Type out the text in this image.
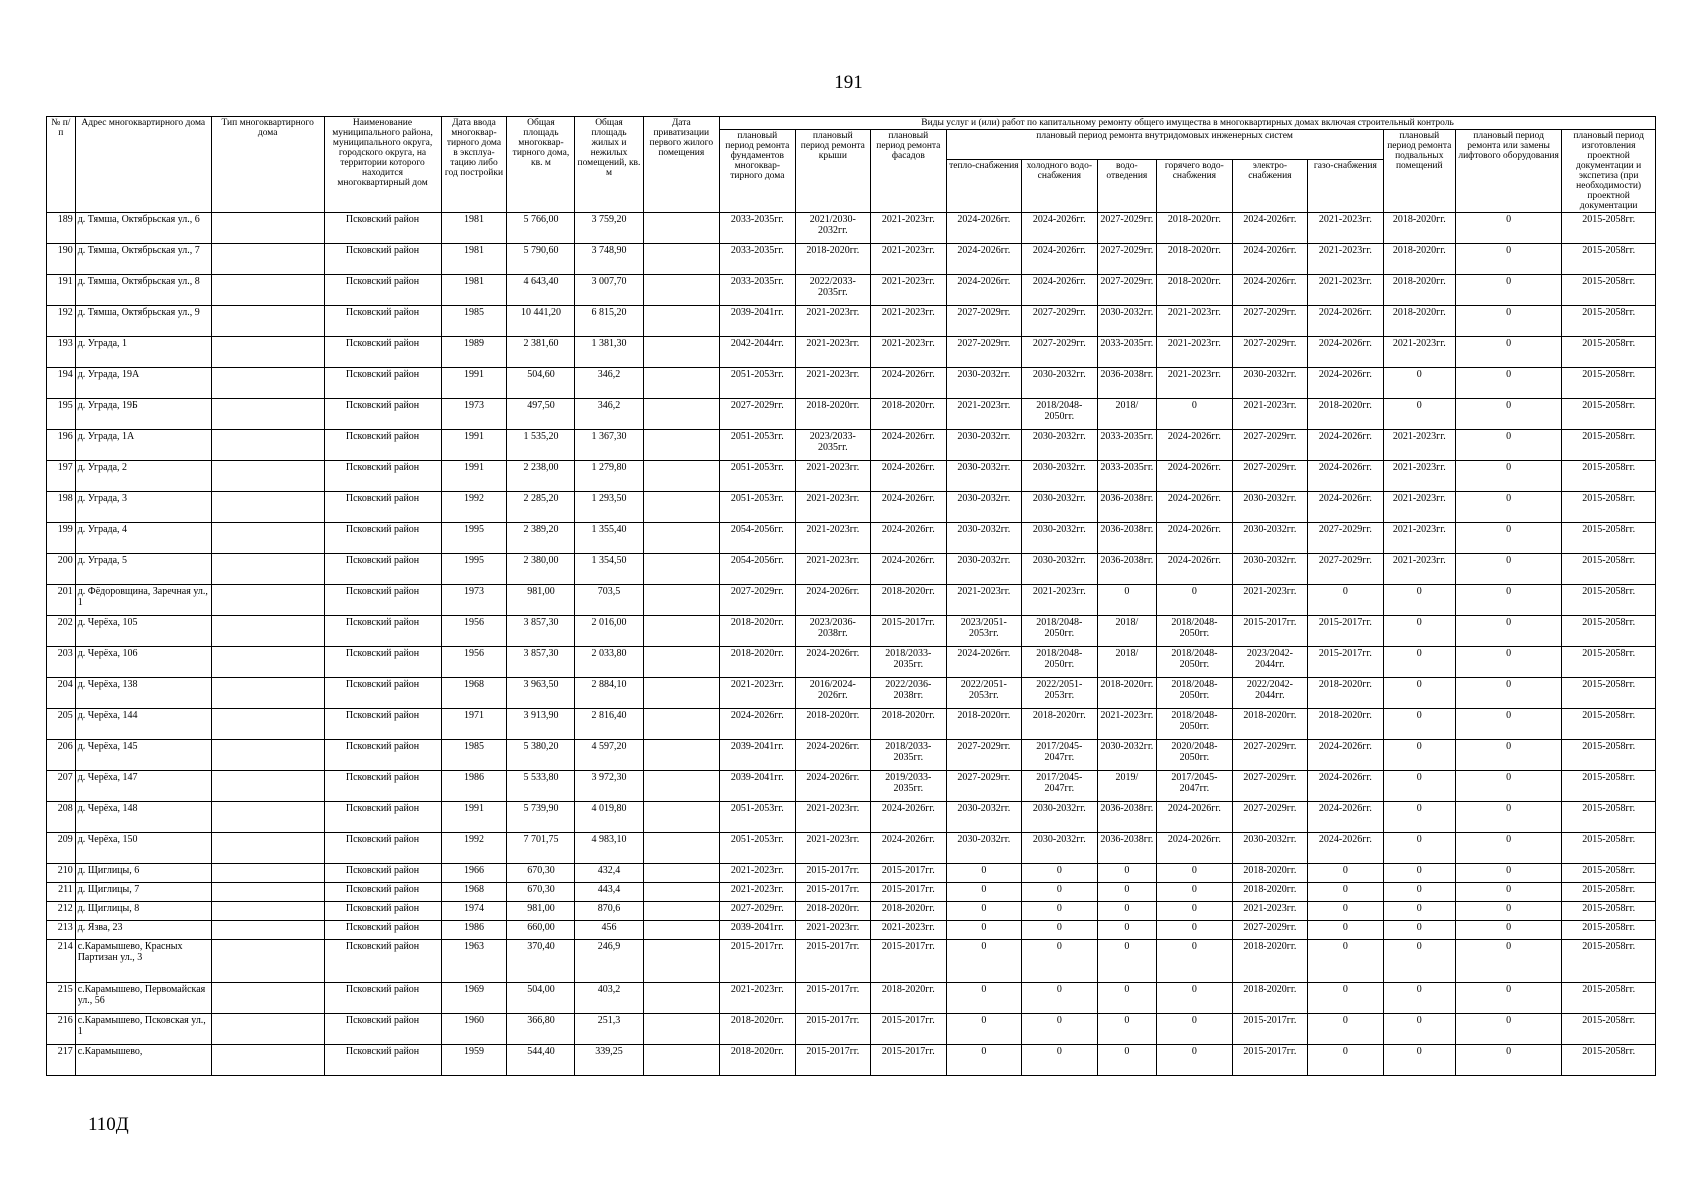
191
№ п/п	Адрес многоквартирного дома	Тип многоквартирного дома	Наименование муниципального района, муниципального округа, городского округа, на территории которого находится многоквартирный дом	Дата ввода многоквар-тирного дома в эксплуа-тацию либо год постройки	Общая площадь многоквар-тирного дома, кв. м	Общая площадь жилых и нежилых помещений, кв. м	Дата приватизации первого жилого помещения	Виды услуг и (или) работ по капитальному ремонту общего имущества в многоквартирных домах включая строительный контроль											
								плановый период ремонта фундаментов многоквар-тирного дома	плановый период ремонта крыши	плановый период ремонта фасадов	плановый период ремонта внутридомовых инженерных систем						плановый период ремонта подвальных помещений	плановый период ремонта или замены лифтового оборудования	плановый период изготовления проектной документации и экспетиза (при необходимости) проектной документации
											тепло-снабжения	холодного водо-снабжения	водо-отведения	горячего водо-снабжения	электро-снабжения	газо-снабжения			
189	д. Тямша, Октябрьская ул., 6		Псковский район	1981	5 766,00	3 759,20		2033-2035гг.	2021/2030-2032гг.	2021-2023гг.	2024-2026гг.	2024-2026гг.	2027-2029гг.	2018-2020гг.	2024-2026гг.	2021-2023гг.	2018-2020гг.	0	2015-2058гг.
190	д. Тямша, Октябрьская ул., 7		Псковский район	1981	5 790,60	3 748,90		2033-2035гг.	2018-2020гг.	2021-2023гг.	2024-2026гг.	2024-2026гг.	2027-2029гг.	2018-2020гг.	2024-2026гг.	2021-2023гг.	2018-2020гг.	0	2015-2058гг.
191	д. Тямша, Октябрьская ул., 8		Псковский район	1981	4 643,40	3 007,70		2033-2035гг.	2022/2033-2035гг.	2021-2023гг.	2024-2026гг.	2024-2026гг.	2027-2029гг.	2018-2020гг.	2024-2026гг.	2021-2023гг.	2018-2020гг.	0	2015-2058гг.
192	д. Тямша, Октябрьская ул., 9		Псковский район	1985	10 441,20	6 815,20		2039-2041гг.	2021-2023гг.	2021-2023гг.	2027-2029гг.	2027-2029гг.	2030-2032гг.	2021-2023гг.	2027-2029гг.	2024-2026гг.	2018-2020гг.	0	2015-2058гг.
193	д. Уграда, 1		Псковский район	1989	2 381,60	1 381,30		2042-2044гг.	2021-2023гг.	2021-2023гг.	2027-2029гг.	2027-2029гг.	2033-2035гг.	2021-2023гг.	2027-2029гг.	2024-2026гг.	2021-2023гг.	0	2015-2058гг.
194	д. Уграда, 19А		Псковский район	1991	504,60	346,2		2051-2053гг.	2021-2023гг.	2024-2026гг.	2030-2032гг.	2030-2032гг.	2036-2038гг.	2021-2023гг.	2030-2032гг.	2024-2026гг.	0	0	2015-2058гг.
195	д. Уграда, 19Б		Псковский район	1973	497,50	346,2		2027-2029гг.	2018-2020гг.	2018-2020гг.	2021-2023гг.	2018/2048-2050гг.	2018/	0	2021-2023гг.	2018-2020гг.	0	0	2015-2058гг.
196	д. Уграда, 1А		Псковский район	1991	1 535,20	1 367,30		2051-2053гг.	2023/2033-2035гг.	2024-2026гг.	2030-2032гг.	2030-2032гг.	2033-2035гг.	2024-2026гг.	2027-2029гг.	2024-2026гг.	2021-2023гг.	0	2015-2058гг.
197	д. Уграда, 2		Псковский район	1991	2 238,00	1 279,80		2051-2053гг.	2021-2023гг.	2024-2026гг.	2030-2032гг.	2030-2032гг.	2033-2035гг.	2024-2026гг.	2027-2029гг.	2024-2026гг.	2021-2023гг.	0	2015-2058гг.
198	д. Уграда, 3		Псковский район	1992	2 285,20	1 293,50		2051-2053гг.	2021-2023гг.	2024-2026гг.	2030-2032гг.	2030-2032гг.	2036-2038гг.	2024-2026гг.	2030-2032гг.	2024-2026гг.	2021-2023гг.	0	2015-2058гг.
199	д. Уграда, 4		Псковский район	1995	2 389,20	1 355,40		2054-2056гг.	2021-2023гг.	2024-2026гг.	2030-2032гг.	2030-2032гг.	2036-2038гг.	2024-2026гг.	2030-2032гг.	2027-2029гг.	2021-2023гг.	0	2015-2058гг.
200	д. Уграда, 5		Псковский район	1995	2 380,00	1 354,50		2054-2056гг.	2021-2023гг.	2024-2026гг.	2030-2032гг.	2030-2032гг.	2036-2038гг.	2024-2026гг.	2030-2032гг.	2027-2029гг.	2021-2023гг.	0	2015-2058гг.
201	д. Фёдоровщина, Заречная ул., 1		Псковский район	1973	981,00	703,5		2027-2029гг.	2024-2026гг.	2018-2020гг.	2021-2023гг.	2021-2023гг.	0	0	2021-2023гг.	0	0	0	2015-2058гг.
202	д. Черёха, 105		Псковский район	1956	3 857,30	2 016,00		2018-2020гг.	2023/2036-2038гг.	2015-2017гг.	2023/2051-2053гг.	2018/2048-2050гг.	2018/	2018/2048-2050гг.	2015-2017гг.	2015-2017гг.	0	0	2015-2058гг.
203	д. Черёха, 106		Псковский район	1956	3 857,30	2 033,80		2018-2020гг.	2024-2026гг.	2018/2033-2035гг.	2024-2026гг.	2018/2048-2050гг.	2018/	2018/2048-2050гг.	2023/2042-2044гг.	2015-2017гг.	0	0	2015-2058гг.
204	д. Черёха, 138		Псковский район	1968	3 963,50	2 884,10		2021-2023гг.	2016/2024-2026гг.	2022/2036-2038гг.	2022/2051-2053гг.	2022/2051-2053гг.	2018-2020гг.	2018/2048-2050гг.	2022/2042-2044гг.	2018-2020гг.	0	0	2015-2058гг.
205	д. Черёха, 144		Псковский район	1971	3 913,90	2 816,40		2024-2026гг.	2018-2020гг.	2018-2020гг.	2018-2020гг.	2018-2020гг.	2021-2023гг.	2018/2048-2050гг.	2018-2020гг.	2018-2020гг.	0	0	2015-2058гг.
206	д. Черёха, 145		Псковский район	1985	5 380,20	4 597,20		2039-2041гг.	2024-2026гг.	2018/2033-2035гг.	2027-2029гг.	2017/2045-2047гг.	2030-2032гг.	2020/2048-2050гг.	2027-2029гг.	2024-2026гг.	0	0	2015-2058гг.
207	д. Черёха, 147		Псковский район	1986	5 533,80	3 972,30		2039-2041гг.	2024-2026гг.	2019/2033-2035гг.	2027-2029гг.	2017/2045-2047гг.	2019/	2017/2045-2047гг.	2027-2029гг.	2024-2026гг.	0	0	2015-2058гг.
208	д. Черёха, 148		Псковский район	1991	5 739,90	4 019,80		2051-2053гг.	2021-2023гг.	2024-2026гг.	2030-2032гг.	2030-2032гг.	2036-2038гг.	2024-2026гг.	2027-2029гг.	2024-2026гг.	0	0	2015-2058гг.
209	д. Черёха, 150		Псковский район	1992	7 701,75	4 983,10		2051-2053гг.	2021-2023гг.	2024-2026гг.	2030-2032гг.	2030-2032гг.	2036-2038гг.	2024-2026гг.	2030-2032гг.	2024-2026гг.	0	0	2015-2058гг.
210	д. Щиглицы, 6		Псковский район	1966	670,30	432,4		2021-2023гг.	2015-2017гг.	2015-2017гг.	0	0	0	0	2018-2020гг.	0	0	0	2015-2058гг.
211	д. Щиглицы, 7		Псковский район	1968	670,30	443,4		2021-2023гг.	2015-2017гг.	2015-2017гг.	0	0	0	0	2018-2020гг.	0	0	0	2015-2058гг.
212	д. Щиглицы, 8		Псковский район	1974	981,00	870,6		2027-2029гг.	2018-2020гг.	2018-2020гг.	0	0	0	0	2021-2023гг.	0	0	0	2015-2058гг.
213	д. Язва, 23		Псковский район	1986	660,00	456		2039-2041гг.	2021-2023гг.	2021-2023гг.	0	0	0	0	2027-2029гг.	0	0	0	2015-2058гг.
214	с.Карамышево, Красных Партизан ул., 3		Псковский район	1963	370,40	246,9		2015-2017гг.	2015-2017гг.	2015-2017гг.	0	0	0	0	2018-2020гг.	0	0	0	2015-2058гг.
215	с.Карамышево, Первомайская ул., 56		Псковский район	1969	504,00	403,2		2021-2023гг.	2015-2017гг.	2018-2020гг.	0	0	0	0	2018-2020гг.	0	0	0	2015-2058гг.
216	с.Карамышево, Псковская ул., 1		Псковский район	1960	366,80	251,3		2018-2020гг.	2015-2017гг.	2015-2017гг.	0	0	0	0	2015-2017гг.	0	0	0	2015-2058гг.
217	с.Карамышево,		Псковский район	1959	544,40	339,25		2018-2020гг.	2015-2017гг.	2015-2017гг.	0	0	0	0	2015-2017гг.	0	0	0	2015-2058гг.
110Д
